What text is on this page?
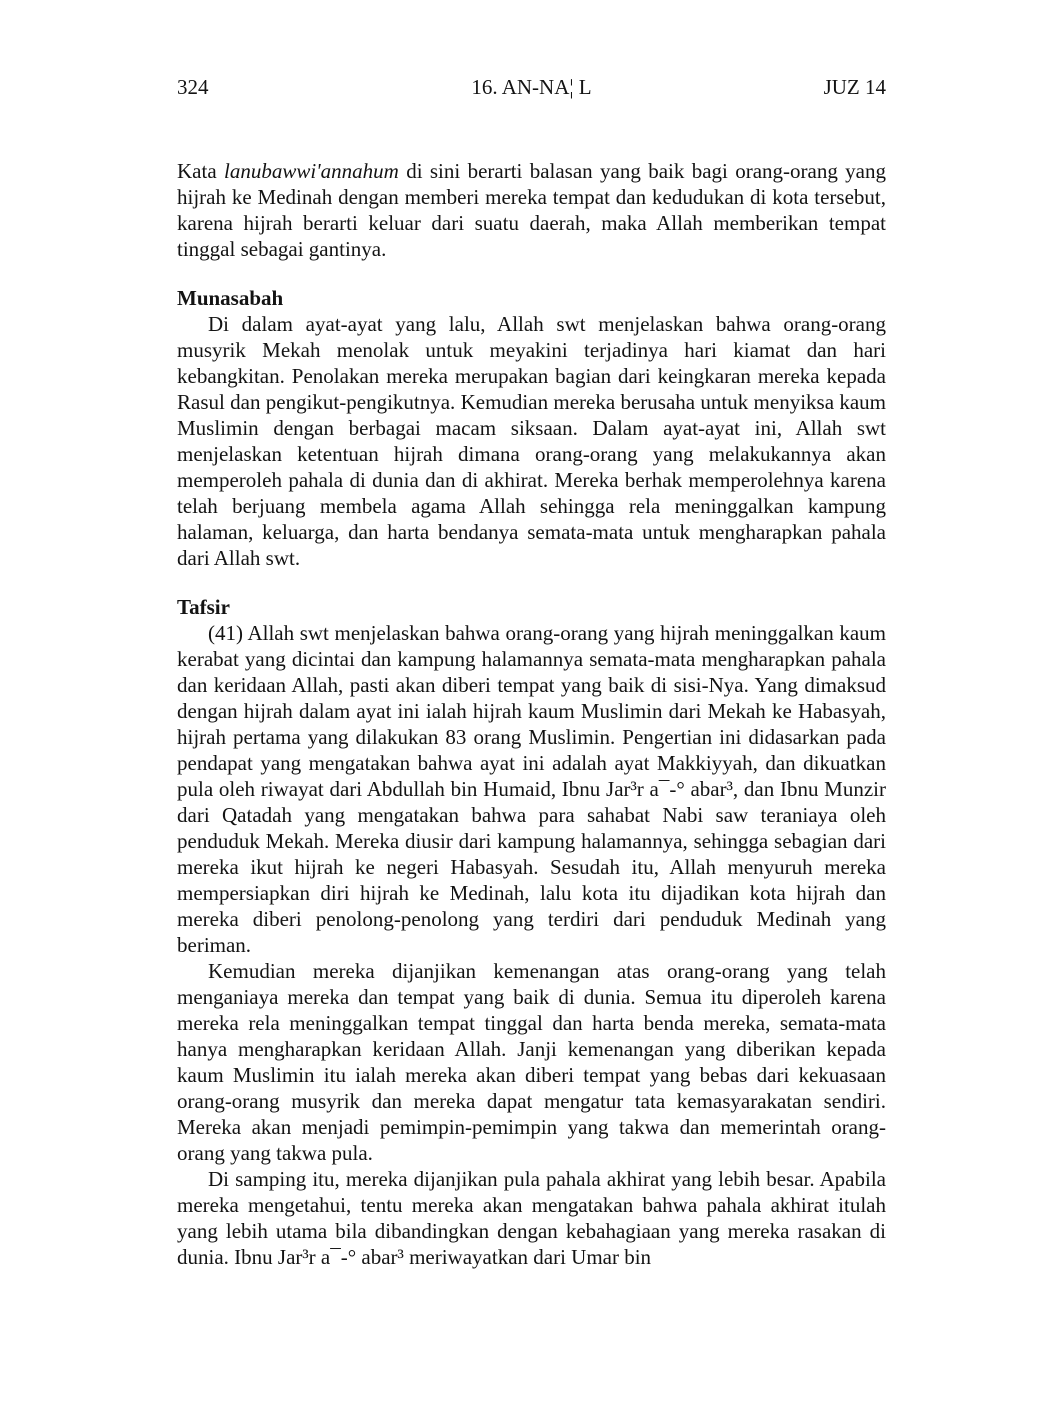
324	16. AN-NA¦ L	JUZ 14

Kata lanubawwi'annahum di sini berarti balasan yang baik bagi orang-orang yang hijrah ke Medinah dengan memberi mereka tempat dan kedudukan di kota tersebut, karena hijrah berarti keluar dari suatu daerah, maka Allah memberikan tempat tinggal sebagai gantinya.

Munasabah

Di dalam ayat-ayat yang lalu, Allah swt menjelaskan bahwa orang-orang musyrik Mekah menolak untuk meyakini terjadinya hari kiamat dan hari kebangkitan. Penolakan mereka merupakan bagian dari keingkaran mereka kepada Rasul dan pengikut-pengikutnya. Kemudian mereka berusaha untuk menyiksa kaum Muslimin dengan berbagai macam siksaan. Dalam ayat-ayat ini, Allah swt menjelaskan ketentuan hijrah dimana orang-orang yang melakukannya akan memperoleh pahala di dunia dan di akhirat. Mereka berhak memperolehnya karena telah berjuang membela agama Allah sehingga rela meninggalkan kampung halaman, keluarga, dan harta bendanya semata-mata untuk mengharapkan pahala dari Allah swt.

Tafsir

(41) Allah swt menjelaskan bahwa orang-orang yang hijrah meninggalkan kaum kerabat yang dicintai dan kampung halamannya semata-mata mengharapkan pahala dan keridaan Allah, pasti akan diberi tempat yang baik di sisi-Nya. Yang dimaksud dengan hijrah dalam ayat ini ialah hijrah kaum Muslimin dari Mekah ke Habasyah, hijrah pertama yang dilakukan 83 orang Muslimin. Pengertian ini didasarkan pada pendapat yang mengatakan bahwa ayat ini adalah ayat Makkiyyah, dan dikuatkan pula oleh riwayat dari Abdullah bin Humaid, Ibnu Jar³r a¯-° abar³, dan Ibnu Munzir dari Qatadah yang mengatakan bahwa para sahabat Nabi saw teraniaya oleh penduduk Mekah. Mereka diusir dari kampung halamannya, sehingga sebagian dari mereka ikut hijrah ke negeri Habasyah. Sesudah itu, Allah menyuruh mereka mempersiapkan diri hijrah ke Medinah, lalu kota itu dijadikan kota hijrah dan mereka diberi penolong-penolong yang terdiri dari penduduk Medinah yang beriman.

Kemudian mereka dijanjikan kemenangan atas orang-orang yang telah menganiaya mereka dan tempat yang baik di dunia. Semua itu diperoleh karena mereka rela meninggalkan tempat tinggal dan harta benda mereka, semata-mata hanya mengharapkan keridaan Allah. Janji kemenangan yang diberikan kepada kaum Muslimin itu ialah mereka akan diberi tempat yang bebas dari kekuasaan orang-orang musyrik dan mereka dapat mengatur tata kemasyarakatan sendiri. Mereka akan menjadi pemimpin-pemimpin yang takwa dan memerintah orang-orang yang takwa pula.

Di samping itu, mereka dijanjikan pula pahala akhirat yang lebih besar. Apabila mereka mengetahui, tentu mereka akan mengatakan bahwa pahala akhirat itulah yang lebih utama bila dibandingkan dengan kebahagiaan yang mereka rasakan di dunia. Ibnu Jar³r a¯-° abar³ meriwayatkan dari Umar bin
